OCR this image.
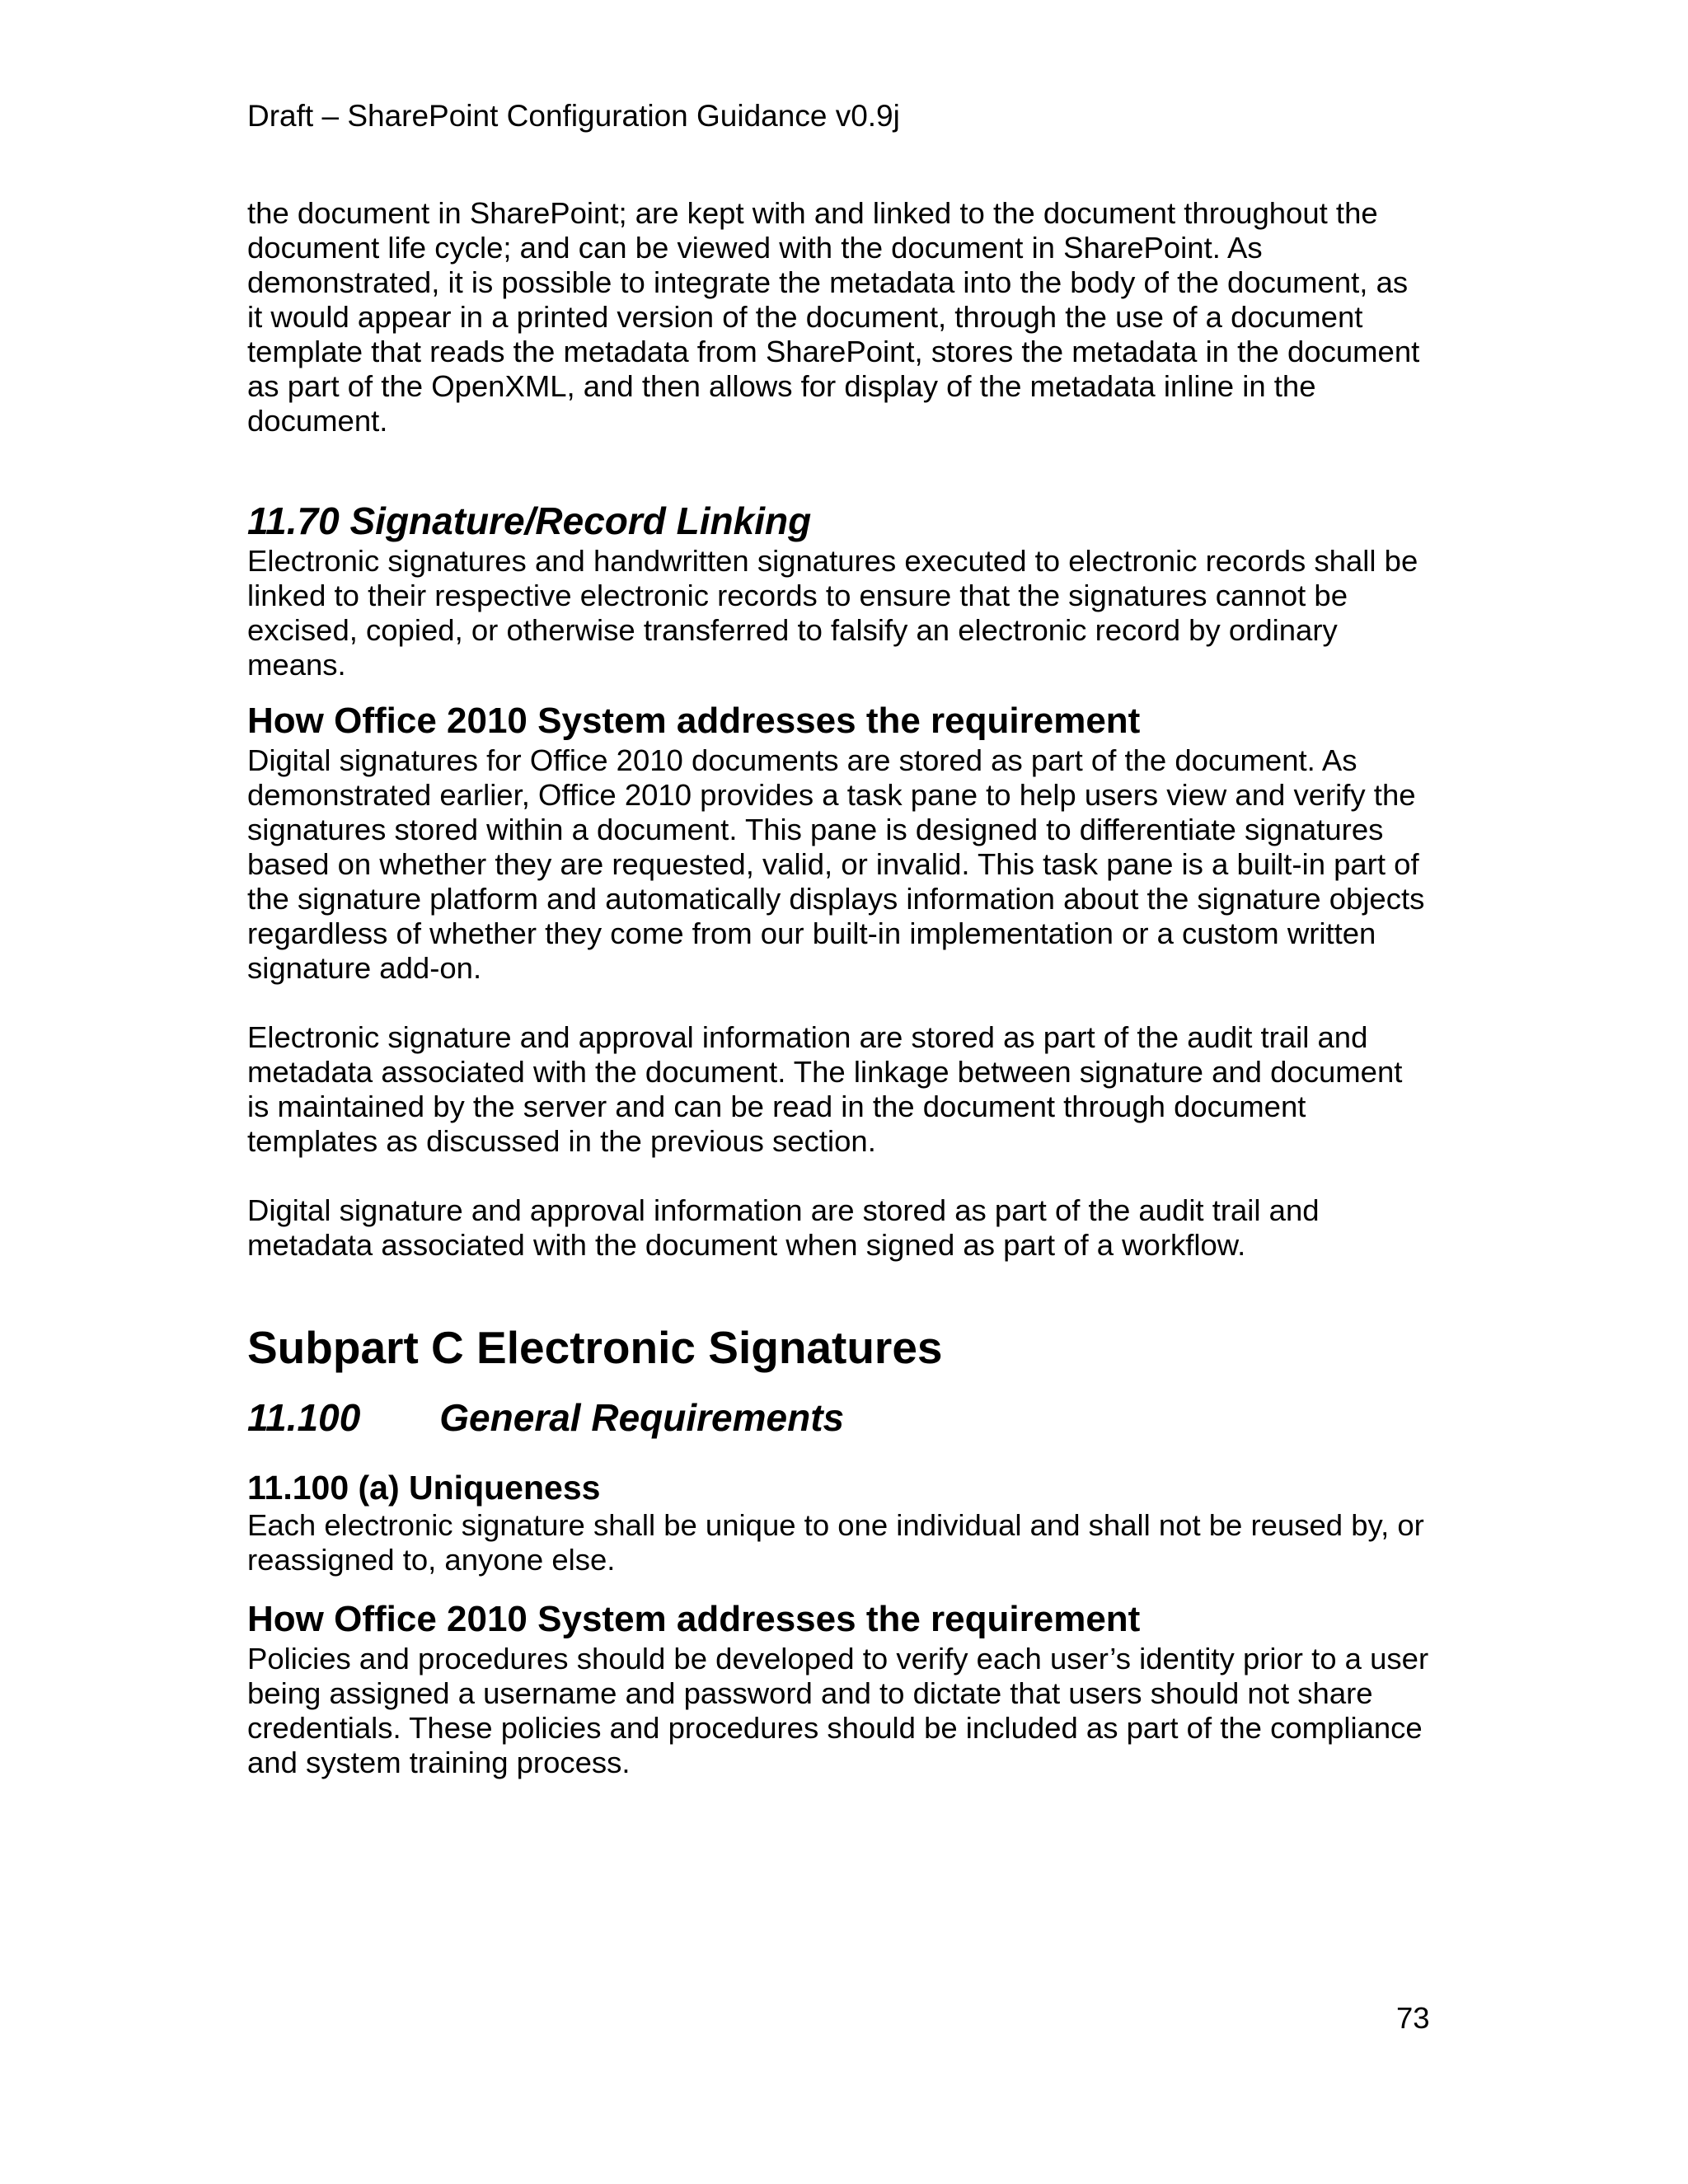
Draft – SharePoint Configuration Guidance v0.9j

the document in SharePoint; are kept with and linked to the document throughout the
document life cycle; and can be viewed with the document in SharePoint. As
demonstrated, it is possible to integrate the metadata into the body of the document, as
it would appear in a printed version of the document, through the use of a document
template that reads the metadata from SharePoint, stores the metadata in the document
as part of the OpenXML, and then allows for display of the metadata inline in the
document.

11.70 Signature/Record Linking

Electronic signatures and handwritten signatures executed to electronic records shall be
linked to their respective electronic records to ensure that the signatures cannot be
excised, copied, or otherwise transferred to falsify an electronic record by ordinary
means.

How Office 2010 System addresses the requirement

Digital signatures for Office 2010 documents are stored as part of the document. As
demonstrated earlier, Office 2010 provides a task pane to help users view and verify the
signatures stored within a document. This pane is designed to differentiate signatures
based on whether they are requested, valid, or invalid. This task pane is a built-in part of
the signature platform and automatically displays information about the signature objects
regardless of whether they come from our built-in implementation or a custom written
signature add-on.

Electronic signature and approval information are stored as part of the audit trail and
metadata associated with the document. The linkage between signature and document
is maintained by the server and can be read in the document through document
templates as discussed in the previous section.

Digital signature and approval information are stored as part of the audit trail and
metadata associated with the document when signed as part of a workflow.

Subpart C Electronic Signatures
11.100 General Requirements
11.100 (a) Uniqueness

Each electronic signature shall be unique to one individual and shall not be reused by, or
reassigned to, anyone else.

How Office 2010 System addresses the requirement

Policies and procedures should be developed to verify each user’s identity prior to a user
being assigned a username and password and to dictate that users should not share
credentials. These policies and procedures should be included as part of the compliance
and system training process.

73
